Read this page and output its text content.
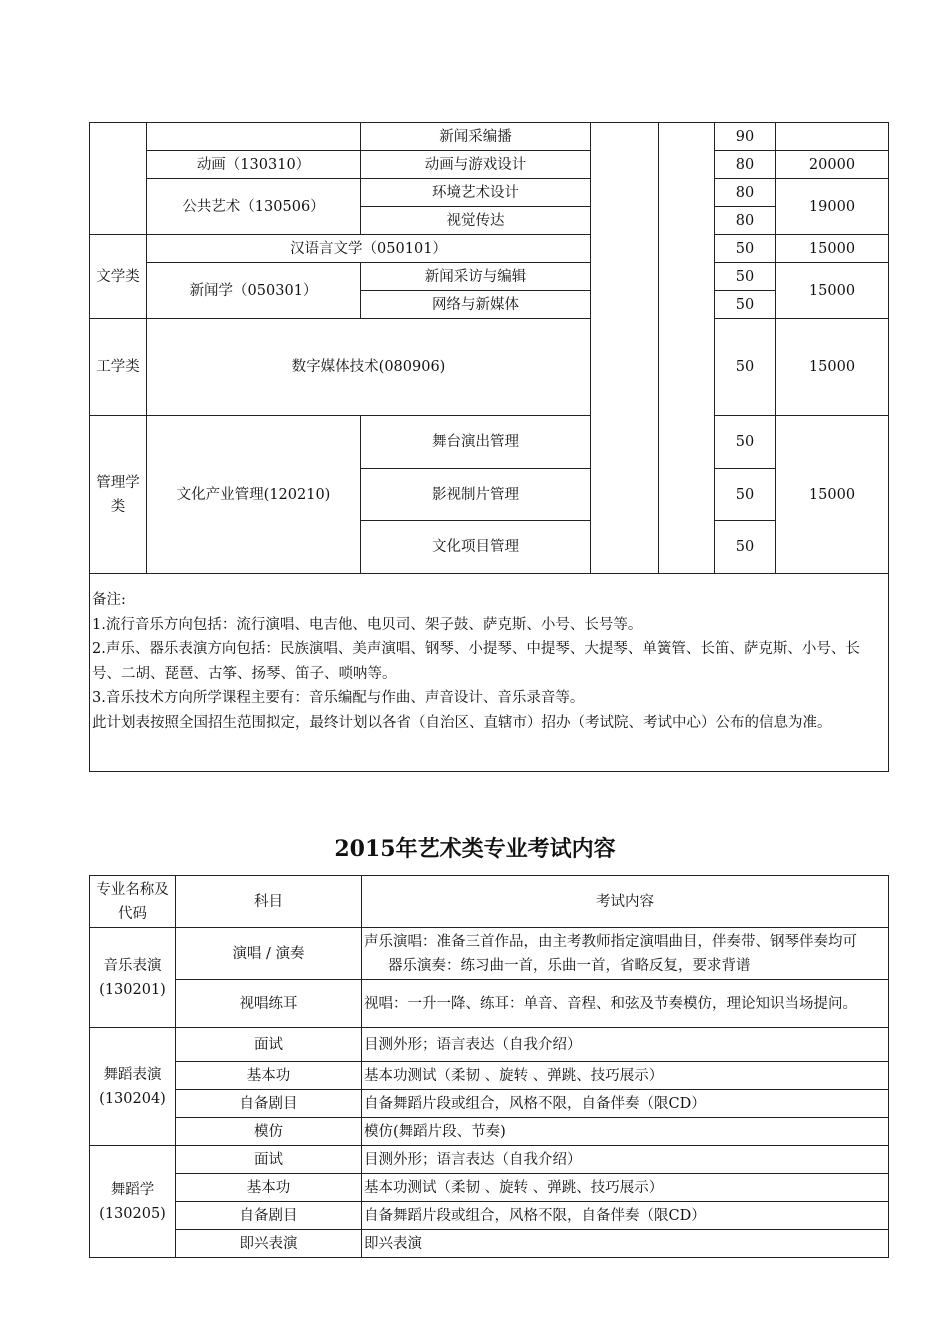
		新闻采编播			90	
	动画（130310）	动画与游戏设计			80	20000
	公共艺术（130506）	环境艺术设计			80	19000
		视觉传达			80	
文学类	汉语言文学（050101）				50	15000
	新闻学（050301）	新闻采访与编辑			50	15000
		网络与新媒体			50	
工学类	数字媒体技术(080906)				50	15000
管理学类	文化产业管理(120210)	舞台演出管理			50	15000
		影视制片管理			50	
		文化项目管理			50	

备注:
1.流行音乐方向包括：流行演唱、电吉他、电贝司、架子鼓、萨克斯、小号、长号等。
2.声乐、器乐表演方向包括：民族演唱、美声演唱、钢琴、小提琴、中提琴、大提琴、单簧管、长笛、萨克斯、小号、长号、二胡、琵琶、古筝、扬琴、笛子、唢呐等。
3.音乐技术方向所学课程主要有：音乐编配与作曲、声音设计、音乐录音等。
此计划表按照全国招生范围拟定，最终计划以各省（自治区、直辖市）招办（考试院、考试中心）公布的信息为准。						
2015年艺术类专业考试内容
专业名称及代码	科目	考试内容

音乐表演
(130201)	演唱 / 演奏	声乐演唱：准备三首作品，由主考教师指定演唱曲目，伴奏带、钢琴伴奏均可 器乐演奏：练习曲一首，乐曲一首，省略反复，要求背谱
	视唱练耳	视唱：一升一降、练耳：单音、音程、和弦及节奏模仿，理论知识当场提问。

舞蹈表演
(130204)	面试	目测外形；语言表达（自我介绍）
	基本功	基本功测试（柔韧 、旋转 、弹跳、技巧展示）
	自备剧目	自备舞蹈片段或组合，风格不限，自备伴奏（限CD）
	模仿	模仿(舞蹈片段、节奏)

舞蹈学
(130205)	面试	目测外形；语言表达（自我介绍）
	基本功	基本功测试（柔韧 、旋转 、弹跳、技巧展示）
	自备剧目	自备舞蹈片段或组合，风格不限，自备伴奏（限CD）
	即兴表演	即兴表演
